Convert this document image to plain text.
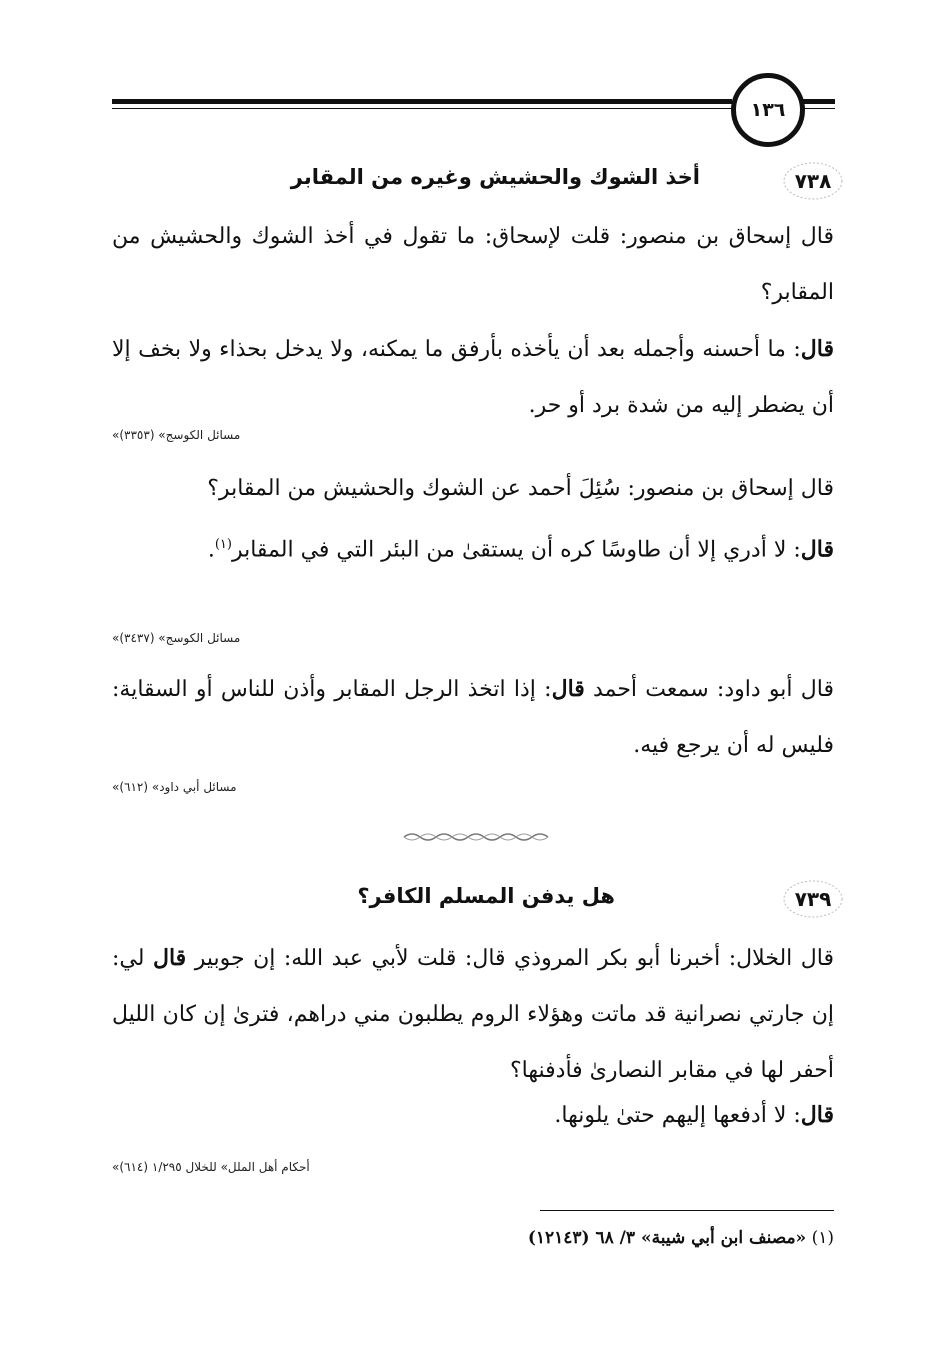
١٣٦
٧٣٨
أخذ الشوك والحشيش وغيره من المقابر
قال إسحاق بن منصور: قلت لإسحاق: ما تقول في أخذ الشوك والحشيش من المقابر؟
قال: ما أحسنه وأجمله بعد أن يأخذه بأرفق ما يمكنه، ولا يدخل بحذاء ولا بخف إلا أن يضطر إليه من شدة برد أو حر.
«مسائل الكوسج» (٣٣٥٣)
قال إسحاق بن منصور: سُئِلَ أحمد عن الشوك والحشيش من المقابر؟
قال: لا أدري إلا أن طاوسًا كره أن يستقىٰ من البئر التي في المقابر$^{(١)}$.
«مسائل الكوسج» (٣٤٣٧)
قال أبو داود: سمعت أحمد قال: إذا اتخذ الرجل المقابر وأذن للناس أو السقاية: فليس له أن يرجع فيه.
«مسائل أبي داود» (٦١٢)
٧٣٩
هل يدفن المسلم الكافر؟
قال الخلال: أخبرنا أبو بكر المروذي قال: قلت لأبي عبد الله: إن جوبير قال لي: إن جارتي نصرانية قد ماتت وهؤلاء الروم يطلبون مني دراهم، فترىٰ إن كان الليل أحفر لها في مقابر النصارىٰ فأدفنها؟
قال: لا أدفعها إليهم حتىٰ يلونها.
«أحكام أهل الملل» للخلال ١/٢٩٥ (٦١٤)
(١) «مصنف ابن أبي شيبة» ٣/ ٦٨ (١٢١٤٣)
